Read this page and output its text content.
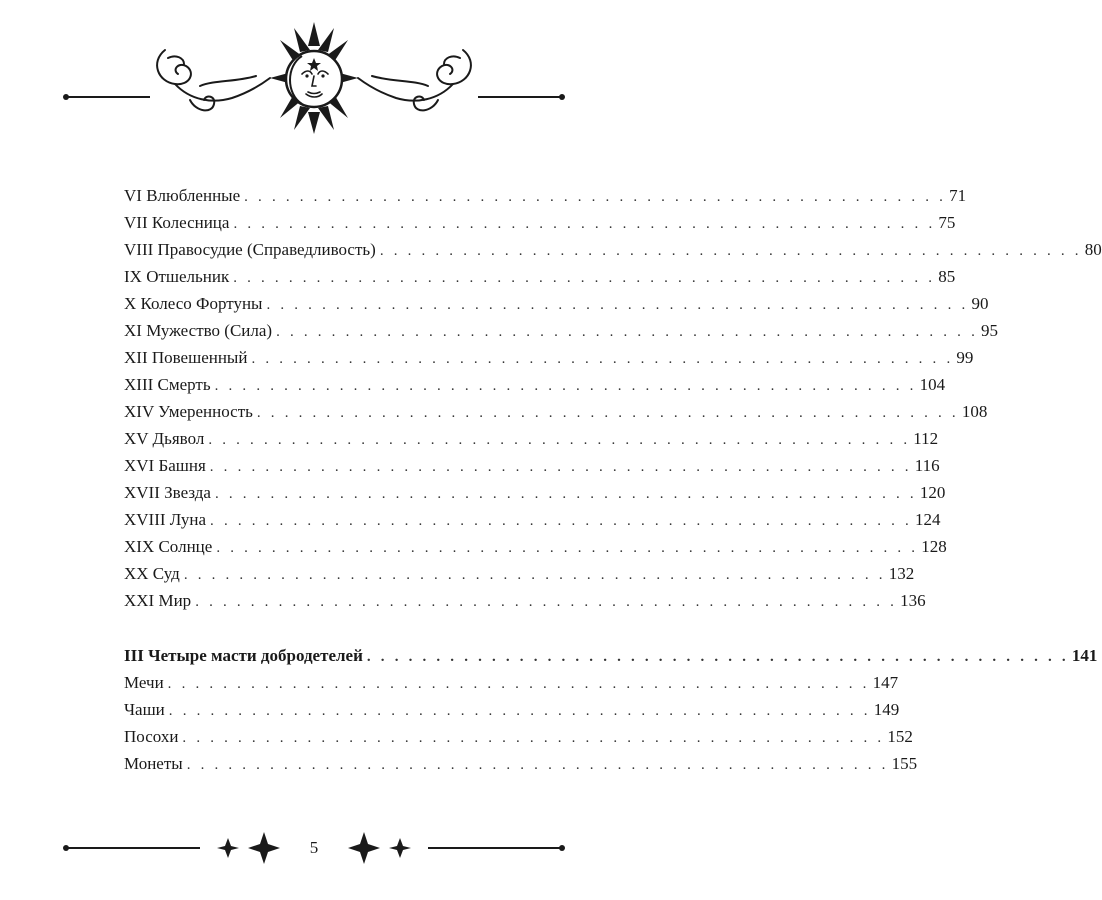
VI Влюбленные . . . . . . . . . . . . . . . . . . . . . . . . . . . . . . . . . . . . . . . . . . . . . . . . . . . 71
VII Колесница . . . . . . . . . . . . . . . . . . . . . . . . . . . . . . . . . . . . . . . . . . . . . . . . . . . 75
VIII Правосудие (Справедливость) . . . . . . . . . . . . . . . . . . . . . . . . . . . . . . . . . . . . . . . . . . . . . . . . . . . 80
IX Отшельник . . . . . . . . . . . . . . . . . . . . . . . . . . . . . . . . . . . . . . . . . . . . . . . . . . . 85
X Колесо Фортуны . . . . . . . . . . . . . . . . . . . . . . . . . . . . . . . . . . . . . . . . . . . . . . . . . . . 90
XI Мужество (Сила) . . . . . . . . . . . . . . . . . . . . . . . . . . . . . . . . . . . . . . . . . . . . . . . . . . . 95
XII Повешенный . . . . . . . . . . . . . . . . . . . . . . . . . . . . . . . . . . . . . . . . . . . . . . . . . . . 99
XIII Смерть . . . . . . . . . . . . . . . . . . . . . . . . . . . . . . . . . . . . . . . . . . . . . . . . . . . 104
XIV Умеренность . . . . . . . . . . . . . . . . . . . . . . . . . . . . . . . . . . . . . . . . . . . . . . . . . . . 108
XV Дьявол . . . . . . . . . . . . . . . . . . . . . . . . . . . . . . . . . . . . . . . . . . . . . . . . . . . 112
XVI Башня . . . . . . . . . . . . . . . . . . . . . . . . . . . . . . . . . . . . . . . . . . . . . . . . . . . 116
XVII Звезда . . . . . . . . . . . . . . . . . . . . . . . . . . . . . . . . . . . . . . . . . . . . . . . . . . . 120
XVIII Луна . . . . . . . . . . . . . . . . . . . . . . . . . . . . . . . . . . . . . . . . . . . . . . . . . . . 124
XIX Солнце . . . . . . . . . . . . . . . . . . . . . . . . . . . . . . . . . . . . . . . . . . . . . . . . . . . 128
XX Суд . . . . . . . . . . . . . . . . . . . . . . . . . . . . . . . . . . . . . . . . . . . . . . . . . . . 132
XXI Мир . . . . . . . . . . . . . . . . . . . . . . . . . . . . . . . . . . . . . . . . . . . . . . . . . . . 136
III Четыре масти добродетелей . . . . . . . . . . . . . . . . . . . . . . . . . . . . . . . . . . . . . . . . . . . . . . . . . . . 141
Мечи . . . . . . . . . . . . . . . . . . . . . . . . . . . . . . . . . . . . . . . . . . . . . . . . . . . 147
Чаши . . . . . . . . . . . . . . . . . . . . . . . . . . . . . . . . . . . . . . . . . . . . . . . . . . . 149
Посохи . . . . . . . . . . . . . . . . . . . . . . . . . . . . . . . . . . . . . . . . . . . . . . . . . . . 152
Монеты . . . . . . . . . . . . . . . . . . . . . . . . . . . . . . . . . . . . . . . . . . . . . . . . . . . 155
5
